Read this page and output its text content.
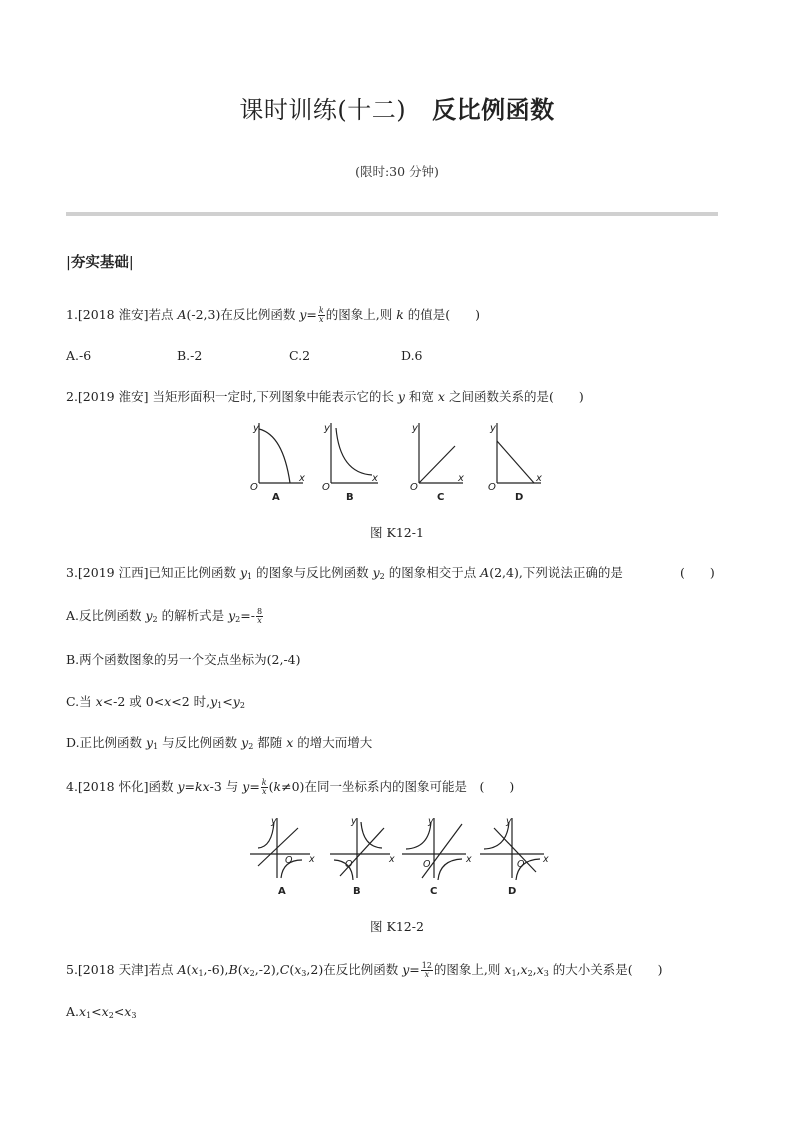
课时训练(十二) 反比例函数
(限时:30 分钟)
|夯实基础|
1.[2018 淮安]若点 A(-2,3)在反比例函数 $y= \frac{k}{x}$ 的图象上,则 k 的值是(　　)
A.-6	B.-2	C.2	D.6
2.[2019 淮安] 当矩形面积一定时,下列图象中能表示它的长 y 和宽 x 之间函数关系的是(　　)
y
x
O
y
x
O
y
x
O
y
x
O
A	B	C	D
图 K12-1
3.[2019 江西]已知正比例函数 $y_1$ 的图象与反比例函数 $y_2$ 的图象相交于点 A(2,4),下列说法正确的是	(　　)
A.反比例函数 $y_2$ 的解析式是 $y_2=- \frac{8}{x}$
B.两个函数图象的另一个交点坐标为(2,-4)
C.当 x<-2 或 0<x<2 时$,y_1<y_2$
D.正比例函数 $y_1$ 与反比例函数 $y_2$ 都随 x 的增大而增大
4.[2018 怀化]函数 y=kx-3 与 $y= \frac{k}{x} (k\ne 0)$在同一坐标系内的图象可能是　(　　)
y
x
O
y
x
O
y
x
O
y
x
O
A	B	C	D
图 K12-2
5.[2018 天津]若点 $A(x_1,-6),B(x_2,-2),C(x_3,2)$在反比例函数 $y= \frac{12}{x}$ 的图象上,则 $x_1,x_2,x_3$ 的大小关系是(　　)
$A.x_1<x_2<x_3$
